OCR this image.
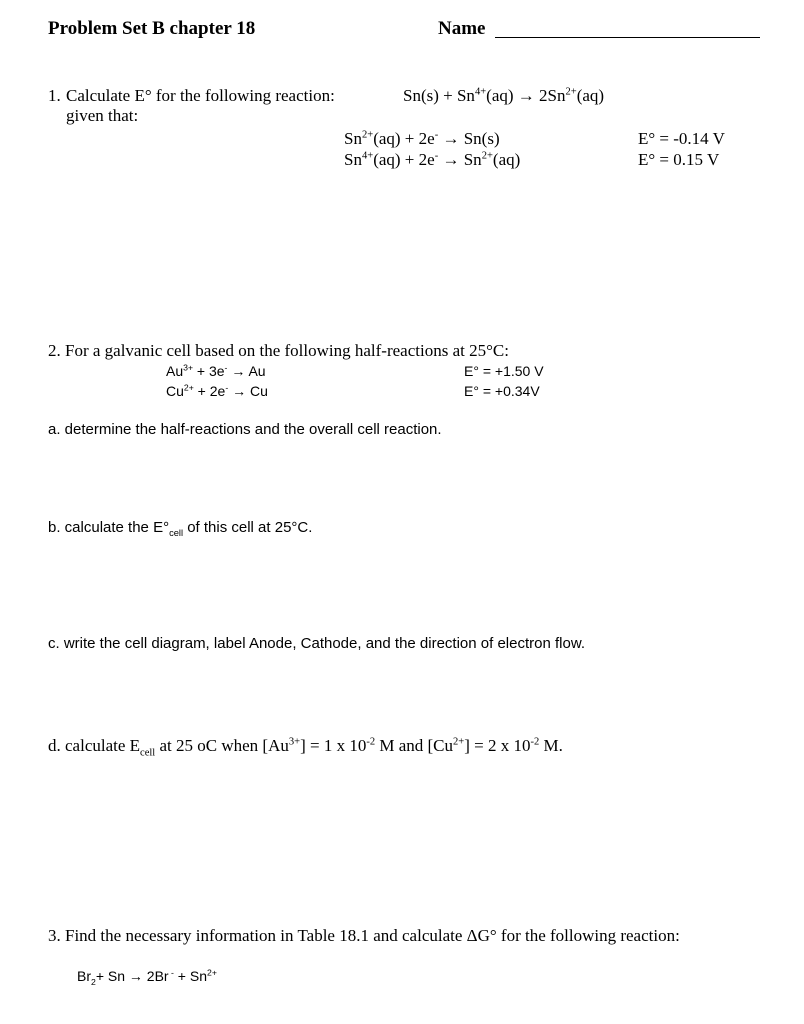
Problem Set B chapter 18	Name
1. Calculate E° for the following reaction:
given that:
$Sn(s) + Sn^{4+}(aq) \to 2Sn^{2+}(aq)$
$Sn^{2+}(aq) + 2e^- \to Sn(s)$	E° = -0.14 V
$Sn^{4+}(aq) + 2e^- \to Sn^{2+}(aq)$	E° = 0.15 V
2. For a galvanic cell based on the following half-reactions at 25°C:
$Au^{3+} + 3e^- \to Au$	E° = +1.50 V
$Cu^{2+} + 2e^- \to Cu$	E° = +0.34V
a. determine the half-reactions and the overall cell reaction.
b. calculate the $E^\circ_{cell}$ of this cell at 25°C.
c. write the cell diagram, label Anode, Cathode, and the direction of electron flow.
d. calculate $E_{cell}$ at 25 oC when $[Au^{3+}] = 1$ x $10^{-2}$ M and $[Cu^{2+}] = 2$ x $10^{-2}$ M.
3. Find the necessary information in Table 18.1 and calculate ΔG° for the following reaction:
$Br_2+ Sn \to 2Br$ $^- + Sn^{2+}$
